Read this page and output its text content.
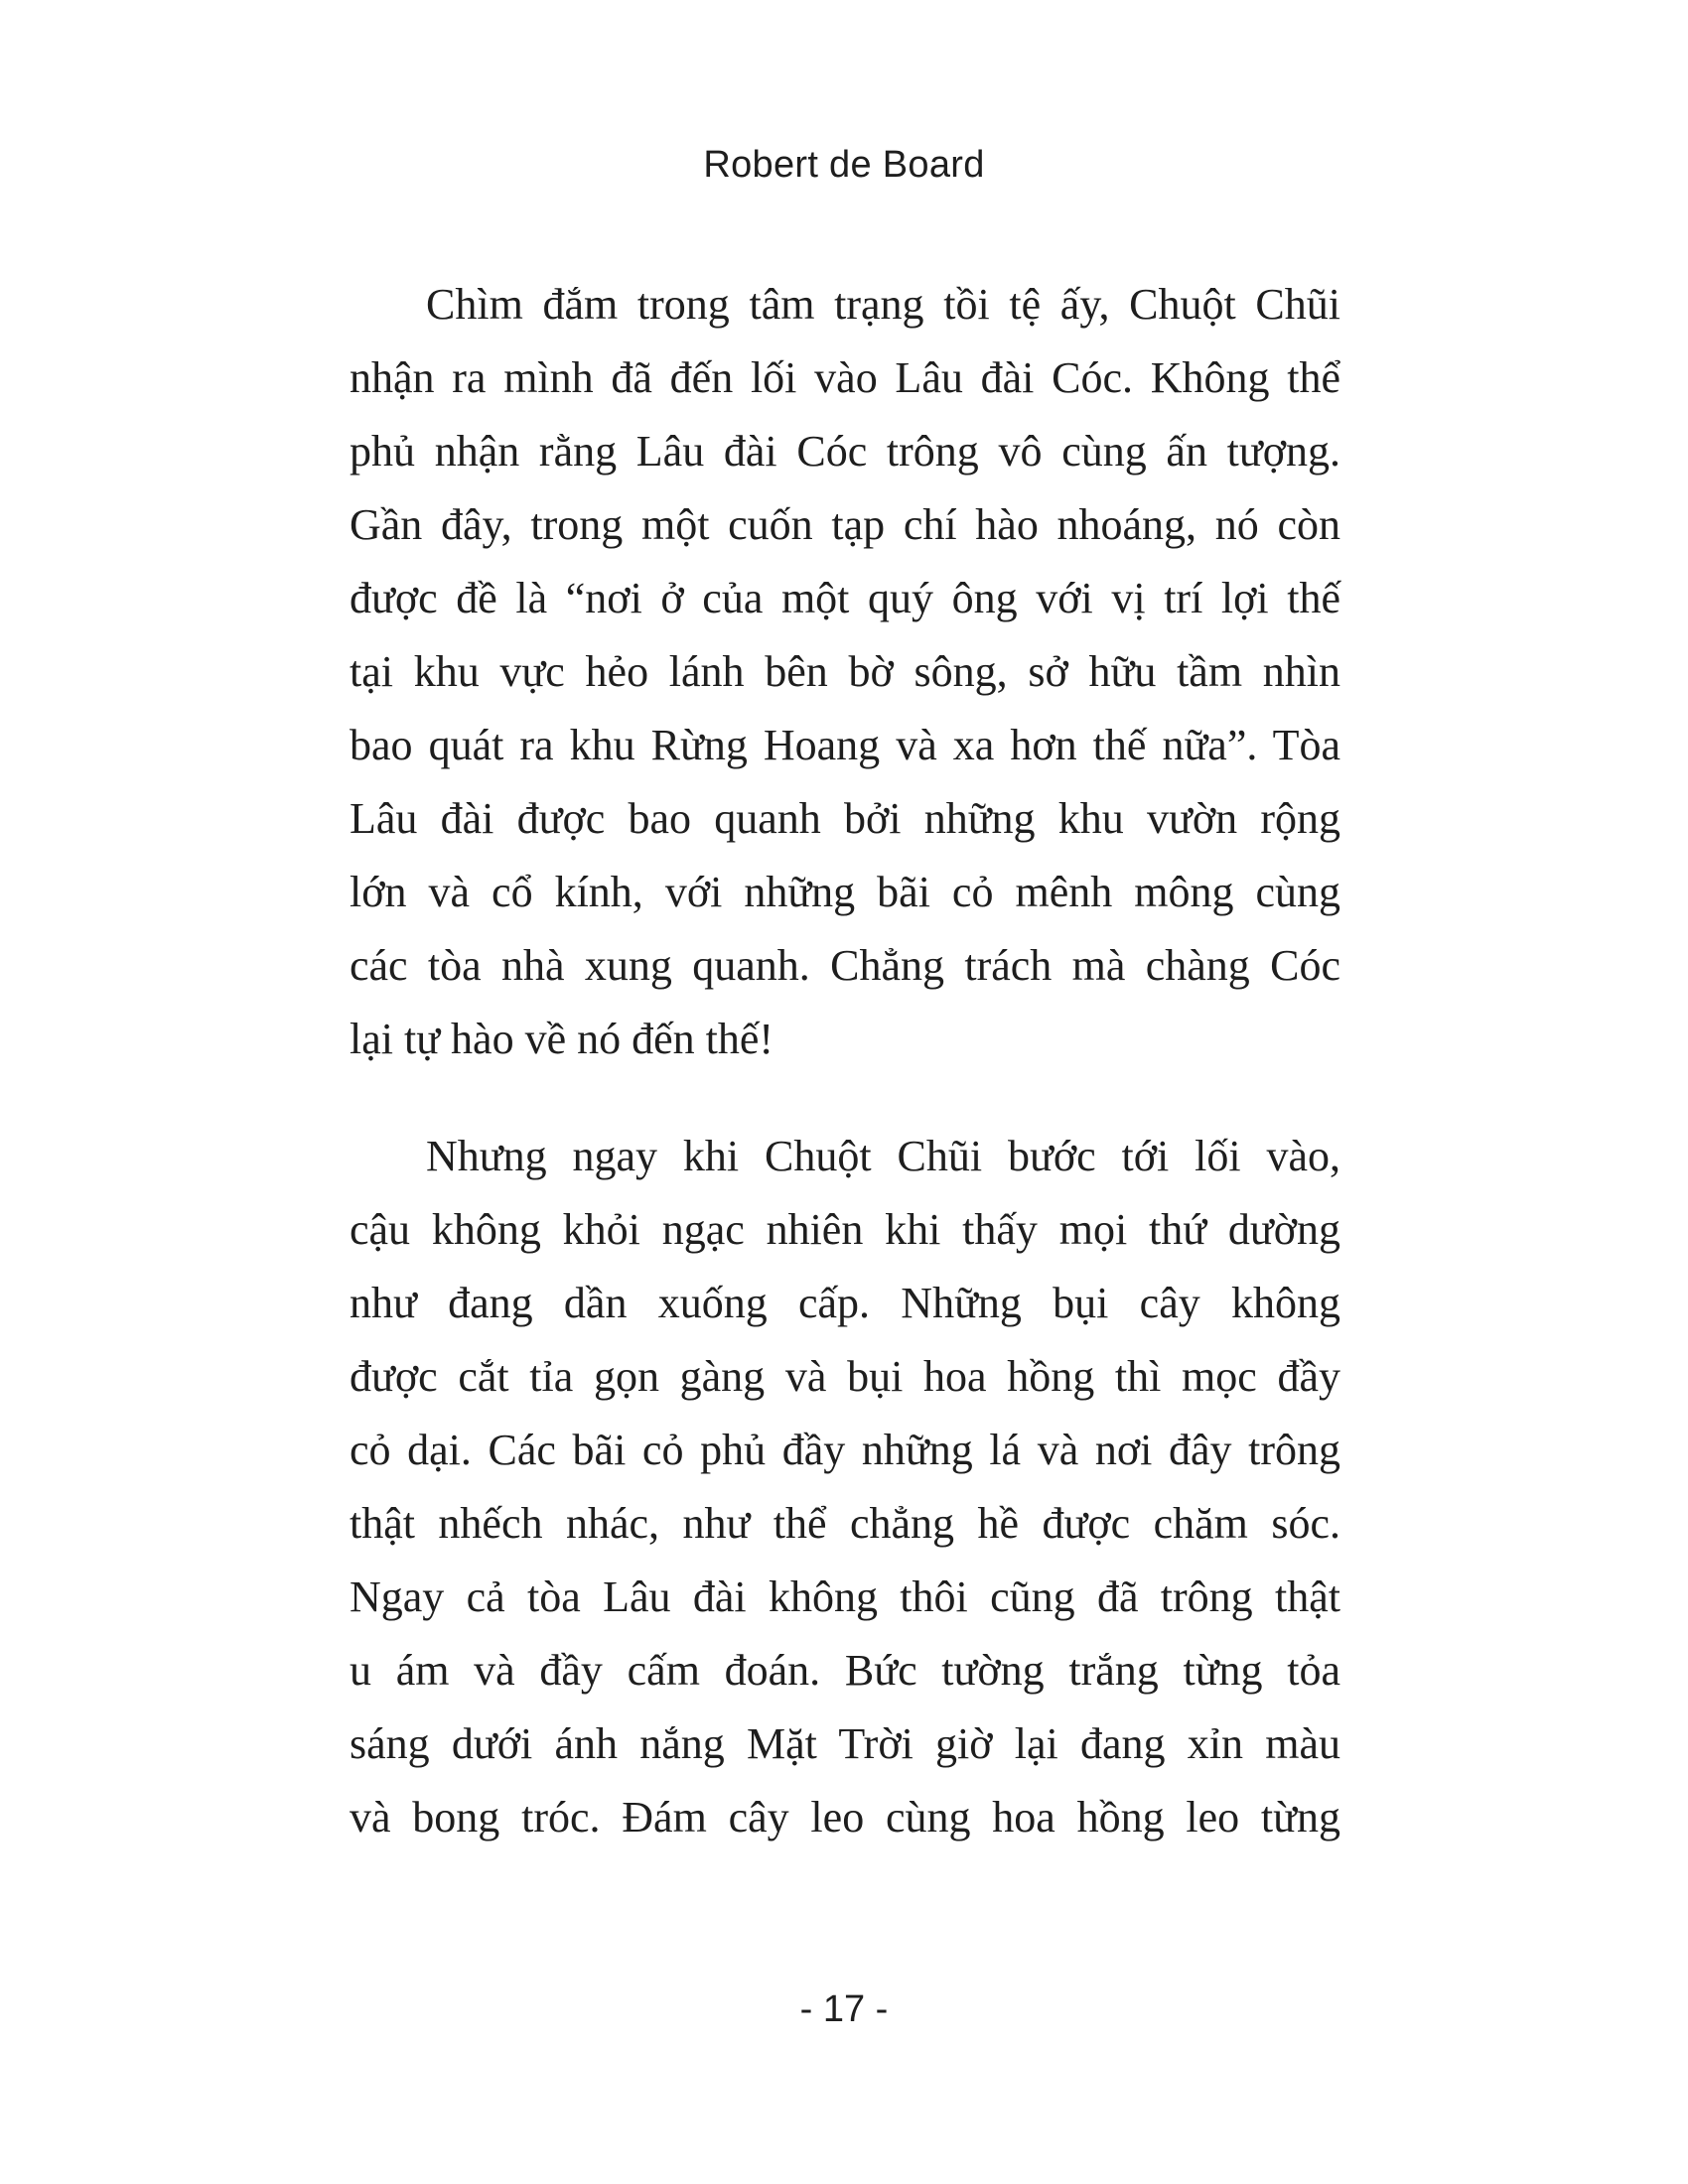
Robert de Board
Chìm đắm trong tâm trạng tồi tệ ấy, Chuột Chũi
nhận ra mình đã đến lối vào Lâu đài Cóc. Không thể
phủ nhận rằng Lâu đài Cóc trông vô cùng ấn tượng.
Gần đây, trong một cuốn tạp chí hào nhoáng, nó còn
được đề là “nơi ở của một quý ông với vị trí lợi thế
tại khu vực hẻo lánh bên bờ sông, sở hữu tầm nhìn
bao quát ra khu Rừng Hoang và xa hơn thế nữa”. Tòa
Lâu đài được bao quanh bởi những khu vườn rộng
lớn và cổ kính, với những bãi cỏ mênh mông cùng
các tòa nhà xung quanh. Chẳng trách mà chàng Cóc
lại tự hào về nó đến thế!
Nhưng ngay khi Chuột Chũi bước tới lối vào,
cậu không khỏi ngạc nhiên khi thấy mọi thứ dường
như đang dần xuống cấp. Những bụi cây không
được cắt tỉa gọn gàng và bụi hoa hồng thì mọc đầy
cỏ dại. Các bãi cỏ phủ đầy những lá và nơi đây trông
thật nhếch nhác, như thể chẳng hề được chăm sóc.
Ngay cả tòa Lâu đài không thôi cũng đã trông thật
u ám và đầy cấm đoán. Bức tường trắng từng tỏa
sáng dưới ánh nắng Mặt Trời giờ lại đang xỉn màu
và bong tróc. Đám cây leo cùng hoa hồng leo từng
- 17 -
